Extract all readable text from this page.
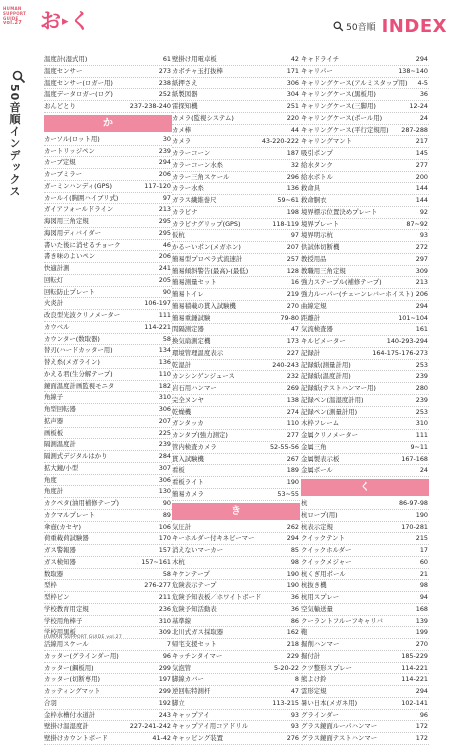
HUMAN
SUPPORT
GUIDE
vol.27
50音順インデックス
お▸く	50音順 INDEX
温度計(湿式用)	61
温度センサー	273
温度センサー(ロガー用)	238
温度データロガー(ログ)	252
おんどとり	237-238-240
か
カーソル(ロット用)	30
カートリッジペン	239
カーブ定規	294
カーブミラー	206
ガーミンハンディ(GPS)	117-120
カールイ(胸囲ハイブリ式)	97
ガイアフォールドライン	213
海図用三角定規	295
海図用ディバイダー	295
書いた後に消せるチョーク	46
書き味のよいペン	206
快適計測	241
回転灯	205
回転防止プレート	90
火炎計	106-197
改良型光波クリノメーター	111
カウベル	114-221
カウンター(数取器)	58
替刃(ハードカッター用)	134
替え糸(メガライン)	136
かえる君(生分解テープ)	110
鏡面温度計画監視モニタ	182
角線子	310
角型回転器	306
拡声器	207
画板板	225
隔測温度計	239
隔測式デジタルはかり	284
拡大鏡/小型	307
角度	306
角度計	130
カクペタ(油用補修テープ)	90
カクマルプレート	89
傘壺(カセヤ)	106
荷重載荷試験器	170
ガス警報器	157
ガス検知器	157~161
数取器	58
型枠	276-277
型枠ビン	211
学校教育用定規	236
学校用角棒子	310
学校用黒板	309
活線用スケール	7
カッター(グラインダー用)	96
カッター(鋼板用)	299
カッター(切断専用)	197
カッティングマット	299
合羽	192
金枠水槽付水道計	243
壁掛け温湿度計	227-241-242
壁掛けカウントボード	41-42
壁掛け用電卓板	42
カボチャ玉打抜棒	171
紙押さえ	306
紙製図器	304
雷探知機	251
カメラ(監視システム)	220
カメ棒	44
カメラ	43-220-222
カラーコーン	187
カラーコーン水糸	32
カラー三角スケール	296
カラー水糸	136
ガラス繊維巻尺	59~61
カラビナ	198
カラビナグリップ(GPS)	118-119
仮杭	97
かるーいポン(メガホン)	207
簡易型プロペラ式流速計	257
簡易傾斜警告(最高)-(最低)	128
簡易測量セット	16
簡易トイレ	219
簡易積載の貫入試験機	270
簡易重錘試験	79-80
間隔測定器	47
換気扇測定機	173
環境管理温度表示	227
乾湿計	240-243
カンシンゲンジュース	232
岩石用ハンマー	269
完全ヌンヤ	138
乾燥機	274
ガンタッカ	110
カンタプ(強力測定)	277
管内検査カメラ	52-55-56
貫入試験機	267
看板	189
看板ライト	190
簡易カメラ	53~55
き
気圧計	262
キーホルダー付キネビーマー	294
消えないマーカー	85
木杭	98
キケンテープ	190
危険表示テープ	190
危険予知表板／ホワイトボード	36
危険予知活動表	36
基準線	86
北川式ガス採取器	162
帰宅支援セット	218
キッチンタイマー	229
気泡管	5-20-22
脚線カバー	8
逆回転特測杆	47
脚立	113-215
キャップアイ	93
キャップアイ用コアドリル	93
キャッピング装置	276
キャドライチ	294
キャリパー	138~140
キャリングケース(アルミスタップ用) 4-5
キャリングケース(黒板用)	36
キャリングケース(三脚用)	12-24
キャリングケース(ポール用)	24
キャリングケース(平行定規用) 287-288
キャリングマント	217
吸引ポンプ	145
給水タンク	277
給水ボトル	200
救命具	144
救命胴衣	144
境界標示位置決めプレート	92
境界プレート	87~92
境界明示杭	93
供試体切断機	272
教授用品	297
教職用三角定規	309
強力ステープル(補修テープ)	213
強力ルーパー(チェーンレバーホイスト) 206
曲線定規	294
距離計	101~104
気流検査器	161
キルビメーター	140-293-294
記録計	164-175-176-273
記録紙(測量計用)	253
記録紙(温度計用)	239
記録紙(テストハンマー用)	280
記録ペン(温湿度計用)	239
記録ペン(測量計用)	253
木枠フレーム	310
金属クリノメーター	111
金属三角	9~11
金属製表示板	167-168
金属ボール	24
く
杭	86-97-98
杭ロープ(用)	190
杭表示定規	170-281
クイックテント	215
クイックホルダー	17
クイックメジャー	60
杭くぎ用ポール	21
杭抜き機	98
杭用スプレー	94
空気輸送量	168
クーラントフルーフキャリバ	139
鞄	199
掘削ハンマー	270
掘付計	185-229
クツ整形スプレー	114-221
熊よけ鈴	114-221
雲形定規	294
暑い日本(メガネ用)	102-141
グラインダー	96
グラス鏡面ルーパハンマー	172
グラス鏡面テストハンマー	172
HUMAN SUPPORT GUIDE vol.27
